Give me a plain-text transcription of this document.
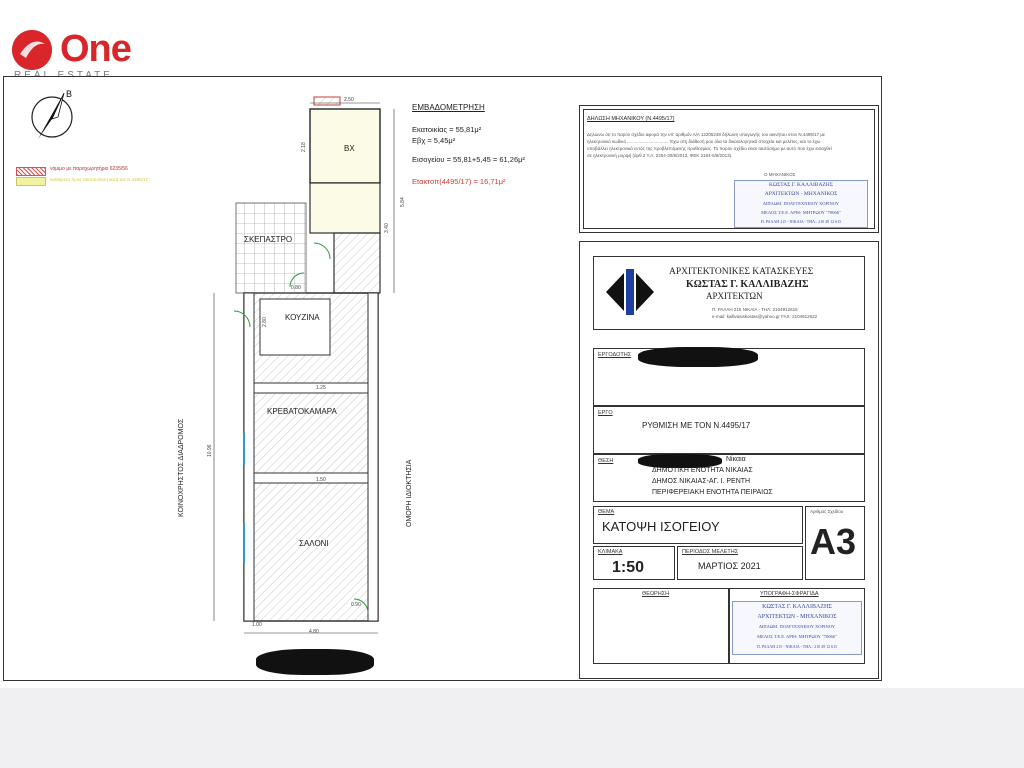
One
Β
νόμιμο με παραχωρητήριο 6235/56
αυθαίρετο προς τακτοποίηση κατά τον Ν.4495/17
ΒΧ
ΣΚΕΠΑΣΤΡΟ
ΚΟΥΖΙΝΑ
ΚΡΕΒΑΤΟΚΑΜΑΡΑ
ΣΑΛΟΝΙ
ΚΟΙΝΟΧΡΗΣΤΟΣ ΔΙΑΔΡΟΜΟΣ	ΟΜΟΡΗ ΙΔΙΟΚΤΗΣΙΑ
2.50
0.80
1.25
1.50
0.90
1.00
4.80
10.96
5.84
2.18
3.40
2.80
ΕΜΒΑΔΟΜΕΤΡΗΣΗ
Εκατοικίας = 55,81μ²
Εβχ = 5,45μ²
Εισογείου = 55,81+5,45 = 61,26μ²
Εtακτοπ(4495/17) = 16,71μ²
ΔΗΛΩΣΗ ΜΗΧΑΝΙΚΟΥ (Ν.4495/17)
Δηλώνω ότι το παρόν σχέδιο αφορά την υπ' αριθμόν Α/Α 12205248 δήλωση υπαγωγής του ακινήτου στον Ν.4495/17 με
ηλεκτρονικό κωδικό ................................. Έχω στη διάθεσή μου όλα τα δικαιολογητικά στοιχεία και μελέτες, και το έχω
υποβάλλει ηλεκτρονικά εντός της προβλεπόμενης προθεσμίας. Το παρόν σχέδιο είναι ταυτόσημο με αυτό που έχω εισαχθεί
σε ηλεκτρονική μορφή (άρθ.2 Υ.Α. 2254-30/8/2013, ΦΕΚ 2184-5/9/2013).
Ο ΜΗΧΑΝΙΚΟΣ
ΚΩΣΤΑΣ Γ. ΚΑΛΛΙΒΑΖΗΣ
ΑΡΧΙΤΕΚΤΩΝ - ΜΗΧΑΝΙΚΟΣ
ΔΙΠΛΩΜ. ΠΟΛΥΤΕΧΝΕΙΟΥ ΧΟΡΙΝΟΥ
ΜΕΛΟΣ Τ.Ε.Ε. ΑΡΙΘ. ΜΗΤΡΩΟΥ "70066"
Π. ΡΑΛΛΗ 215 - ΝΙΚΑΙΑ - ΤΗΛ.: 210 49 12 615
ΑΡΧΙΤΕΚΤΟΝΙΚΕΣ ΚΑΤΑΣΚΕΥΕΣ
ΚΩΣΤΑΣ Γ. ΚΑΛΛΙΒΑΖΗΣ
ΑΡΧΙΤΕΚΤΩΝ
Π. ΡΑΛΛΗ 215 ΝΙΚΑΙΑ - ΤΗΛ: 2104912615
e-mail: kallivasiskostas@yahoo.gr FAX: 2104912622
ΕΡΓΟΔΟΤΗΣ
ΕΡΓΟ
ΡΥΘΜΙΣΗ ΜΕ ΤΟΝ Ν.4495/17
ΘΕΣΗ	Νίκαια
ΔΗΜΟΤΙΚΗ ΕΝΟΤΗΤΑ ΝΙΚΑΙΑΣ
ΔΗΜΟΣ ΝΙΚΑΙΑΣ-ΑΓ. Ι. ΡΕΝΤΗ
ΠΕΡΙΦΕΡΕΙΑΚΗ ΕΝΟΤΗΤΑ ΠΕΙΡΑΙΩΣ
ΘΕΜΑ
ΚΑΤΟΨΗ ΙΣΟΓΕΙΟΥ
Αριθμός Σχεδίου
A3
ΚΛΙΜΑΚΑ
1:50
ΠΕΡΙΟΔΟΣ ΜΕΛΕΤΗΣ
ΜΑΡΤΙΟΣ 2021
ΘΕΩΡΗΣΗ	ΥΠΟΓΡΑΦΗ-ΣΦΡΑΓΙΔΑ
ΚΩΣΤΑΣ Γ. ΚΑΛΛΙΒΑΖΗΣ
ΑΡΧΙΤΕΚΤΩΝ - ΜΗΧΑΝΙΚΟΣ
ΔΙΠΛΩΜ. ΠΟΛΥΤΕΧΝΕΙΟΥ ΧΟΡΙΝΟΥ
ΜΕΛΟΣ Τ.Ε.Ε. ΑΡΙΘ. ΜΗΤΡΩΟΥ "70066"
Π. ΡΑΛΛΗ 215 - ΝΙΚΑΙΑ - ΤΗΛ.: 210 49 12 615
